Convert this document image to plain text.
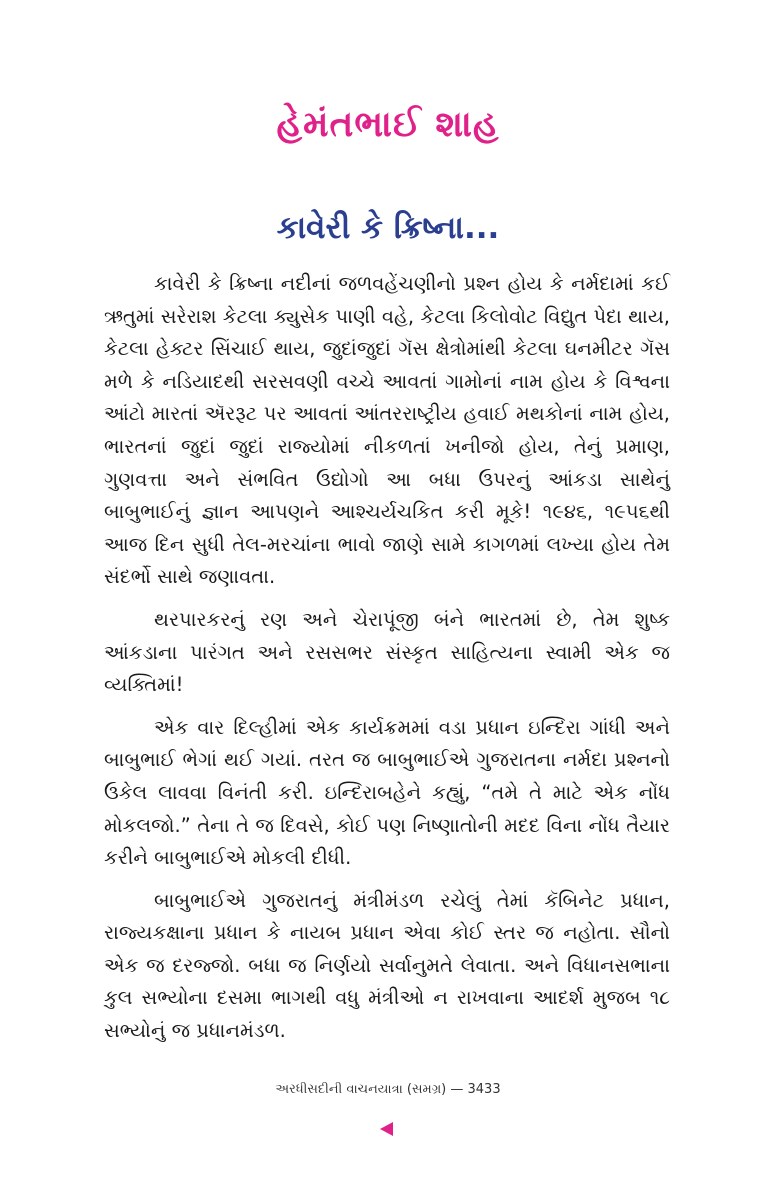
હેમંતભાઈ શાહ
કાવેરી કે ક્રિષ્ના...

કાવેરી કે ક્રિષ્ના નદીનાં જળવહેંચણીનો પ્રશ્ન હોય કે નર્મદામાં કઈ ઋતુમાં સરેરાશ કેટલા ક્યુસેક પાણી વહે, કેટલા કિલોવોટ વિદ્યુત પેદા થાય, કેટલા હેક્ટર સિંચાઈ થાય, જુદાંજુદાં ગૅસ ક્ષેત્રોમાંથી કેટલા ઘનમીટર ગૅસ મળે કે નડિયાદથી સરસવણી વચ્ચે આવતાં ગામોનાં નામ હોય કે વિશ્વના આંટો મારતાં ઍરરૂટ પર આવતાં આંતરરાષ્ટ્રીય હવાઈ મથકોનાં નામ હોય, ભારતનાં જુદાં જુદાં રાજ્યોમાં નીકળતાં ખનીજો હોય, તેનું પ્રમાણ, ગુણવત્તા અને સંભવિત ઉદ્યોગો આ બધા ઉપરનું આંકડા સાથેનું બાબુભાઈનું જ્ઞાન આપણને આશ્ચર્યચકિત કરી મૂકે! ૧૯૪૬, ૧૯૫૬થી આજ દિન સુધી તેલ-મરચાંના ભાવો જાણે સામે કાગળમાં લખ્યા હોય તેમ સંદર્ભો સાથે જણાવતા.

થરપારકરનું રણ અને ચેરાપૂંજી બંને ભારતમાં છે, તેમ શુષ્ક આંકડાના પારંગત અને રસસભર સંસ્કૃત સાહિત્યના સ્વામી એક જ વ્યક્તિમાં!

એક વાર દિલ્હીમાં એક કાર્યક્રમમાં વડા પ્રધાન ઇન્દિરા ગાંધી અને બાબુભાઈ ભેગાં થઈ ગયાં. તરત જ બાબુભાઈએ ગુજરાતના નર્મદા પ્રશ્નનો ઉકેલ લાવવા વિનંતી કરી. ઇન્દિરાબહેને કહ્યું, “તમે તે માટે એક નોંધ મોકલજો.” તેના તે જ દિવસે, કોઈ પણ નિષ્ણાતોની મદદ વિના નોંધ તૈયાર કરીને બાબુભાઈએ મોકલી દીધી.

બાબુભાઈએ ગુજરાતનું મંત્રીમંડળ રચેલું તેમાં કૅબિનેટ પ્રધાન, રાજ્યકક્ષાના પ્રધાન કે નાયબ પ્રધાન એવા કોઈ સ્તર જ નહોતા. સૌનો એક જ દરજ્જો. બધા જ નિર્ણયો સર્વાનુમતે લેવાતા. અને વિધાનસભાના કુલ સભ્યોના દસમા ભાગથી વધુ મંત્રીઓ ન રાખવાના આદર્શ મુજબ ૧૮ સભ્યોનું જ પ્રધાનમંડળ.

અરધીસદીની વાચનયાત્રા (સમગ્ર) — 3433
